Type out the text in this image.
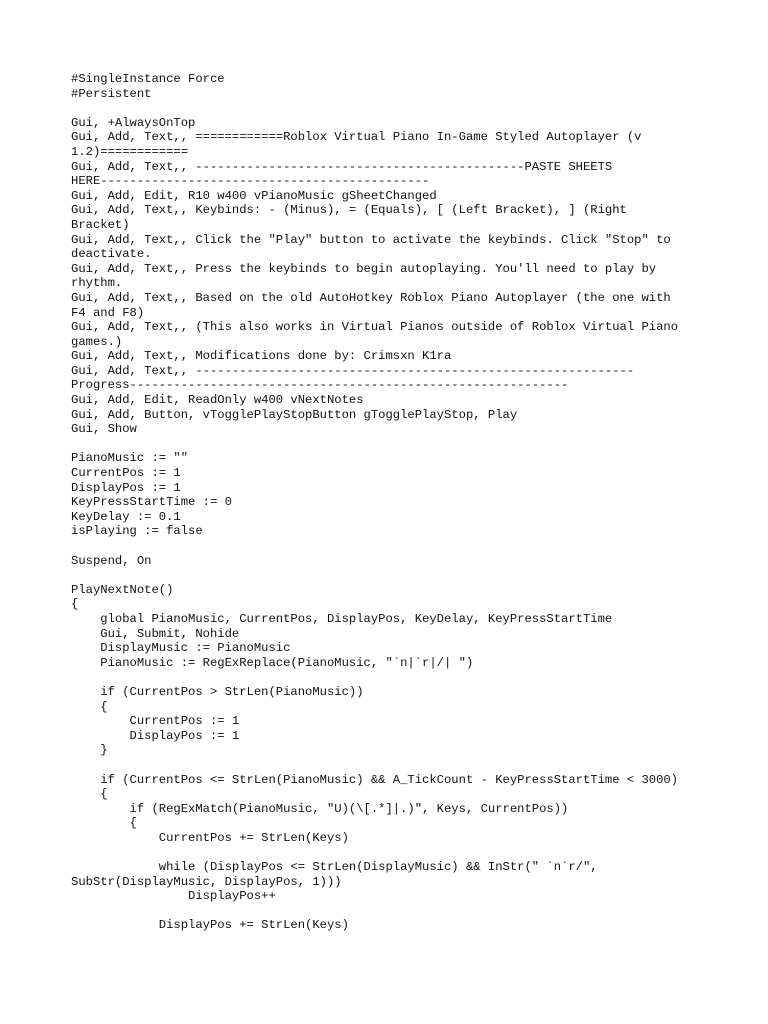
#SingleInstance Force
#Persistent
Gui, +AlwaysOnTop
Gui, Add, Text,, ============Roblox Virtual Piano In-Game Styled Autoplayer (v
1.2)============
Gui, Add, Text,, ---------------------------------------------PASTE SHEETS
HERE---------------------------------------------
Gui, Add, Edit, R10 w400 vPianoMusic gSheetChanged
Gui, Add, Text,, Keybinds: - (Minus), = (Equals), [ (Left Bracket), ] (Right
Bracket)
Gui, Add, Text,, Click the "Play" button to activate the keybinds. Click "Stop" to
deactivate.
Gui, Add, Text,, Press the keybinds to begin autoplaying. You'll need to play by
rhythm.
Gui, Add, Text,, Based on the old AutoHotkey Roblox Piano Autoplayer (the one with
F4 and F8)
Gui, Add, Text,, (This also works in Virtual Pianos outside of Roblox Virtual Piano
games.)
Gui, Add, Text,, Modifications done by: Crimsxn K1ra
Gui, Add, Text,, ------------------------------------------------------------
Progress------------------------------------------------------------
Gui, Add, Edit, ReadOnly w400 vNextNotes
Gui, Add, Button, vTogglePlayStopButton gTogglePlayStop, Play
Gui, Show
PianoMusic := ""
CurrentPos := 1
DisplayPos := 1
KeyPressStartTime := 0
KeyDelay := 0.1
isPlaying := false
Suspend, On
PlayNextNote()
{
global PianoMusic, CurrentPos, DisplayPos, KeyDelay, KeyPressStartTime
Gui, Submit, Nohide
DisplayMusic := PianoMusic
PianoMusic := RegExReplace(PianoMusic, "`n|`r|/| ")
if (CurrentPos > StrLen(PianoMusic))
{
CurrentPos := 1
DisplayPos := 1
}
if (CurrentPos <= StrLen(PianoMusic) && A_TickCount - KeyPressStartTime < 3000)
{
if (RegExMatch(PianoMusic, "U)(\[.*]|.)", Keys, CurrentPos))
{
CurrentPos += StrLen(Keys)
while (DisplayPos <= StrLen(DisplayMusic) && InStr(" `n`r/",
SubStr(DisplayMusic, DisplayPos, 1)))
DisplayPos++
DisplayPos += StrLen(Keys)
